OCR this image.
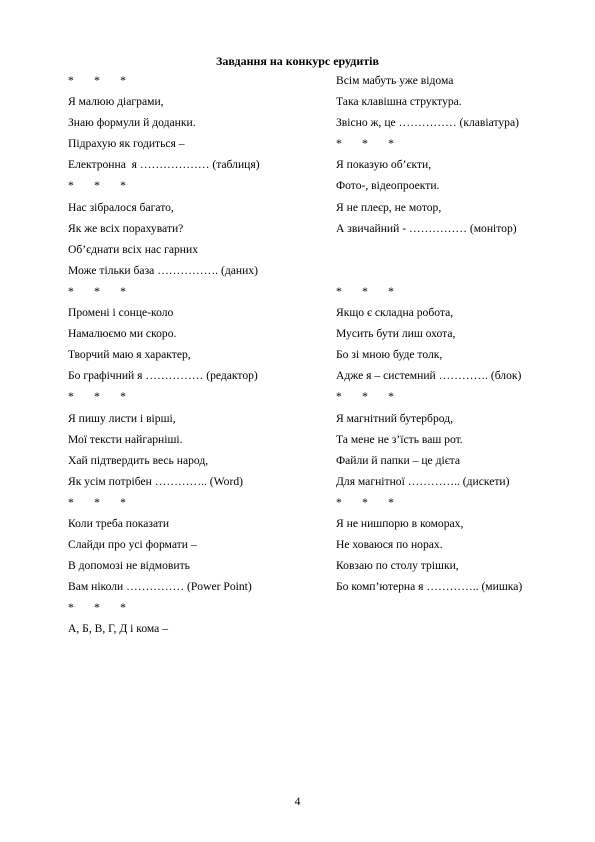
Завдання на конкурс ерудитів
*       *       *
Я малюю діаграми,
Знаю формули й доданки.
Підрахую як годиться –
Електронна  я ……………… (таблиця)
*       *       *
Нас зібралося багато,
Як же всіх порахувати?
Об’єднати всіх нас гарних
Може тільки база ……………. (даних)
*       *       *
Промені і сонце-коло
Намалюємо ми скоро.
Творчий маю я характер,
Бо графічний я …………… (редактор)
*       *       *
Я пишу листи і вірші,
Мої тексти найгарніші.
Хай підтвердить весь народ,
Як усім потрібен ………….. (Word)
*       *       *
Коли треба показати
Слайди про усі формати –
В допомозі не відмовить
Вам ніколи …………… (Power Point)
*       *       *
А, Б, В, Г, Д і кома –
Всім мабуть уже відома
Така клавішна структура.
Звісно ж, це …………… (клавіатура)
*       *       *
Я показую об’єкти,
Фото-, відеопроекти.
Я не плеєр, не мотор,
А звичайний - …………… (монітор)
*       *       *
Якщо є складна робота,
Мусить бути лиш охота,
Бо зі мною буде толк,
Адже я – системний …………. (блок)
*       *       *
Я магнітний бутерброд,
Та мене не з’їсть ваш рот.
Файли й папки – це дієта
Для магнітної ………….. (дискети)
*       *       *
Я не нишпорю в коморах,
Не ховаюся по норах.
Ковзаю по столу трішки,
Бо комп’ютерна я ………….. (мишка)
4
